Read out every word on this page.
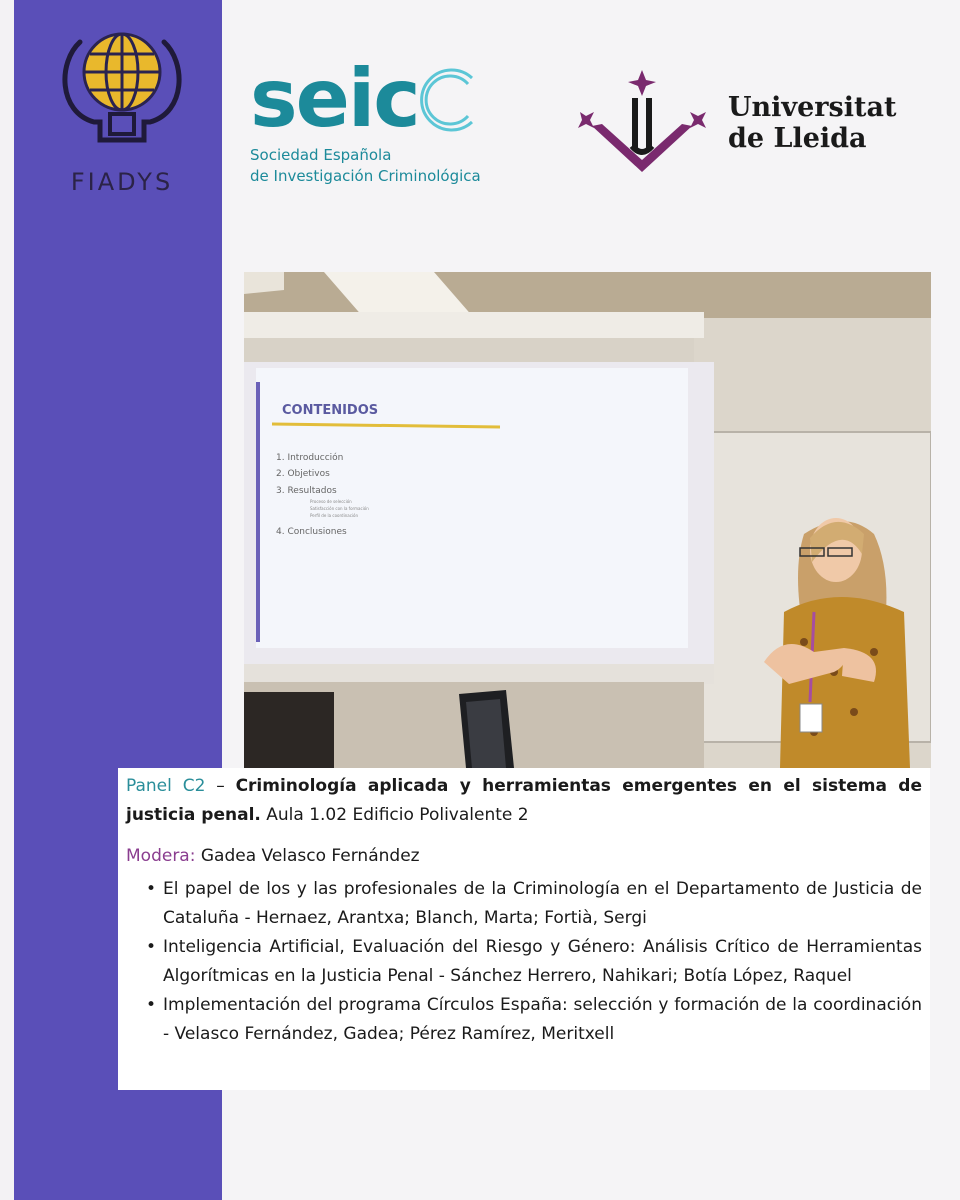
FIADYS
seic
Sociedad Española
de Investigación Criminológica
Universitat
de Lleida
CONTENIDOS
1. Introducción
2. Objetivos
3. Resultados
Proceso de selección
Satisfacción con la formación
Perfil de la coordinación
4. Conclusiones

Panel C2 – Criminología aplicada y herramientas emergentes en el sistema de justicia penal. Aula 1.02 Edificio Polivalente 2

Modera: Gadea Velasco Fernández

• El papel de los y las profesionales de la Criminología en el Departamento de Justicia de Cataluña - Hernaez, Arantxa; Blanch, Marta; Fortià, Sergi
• Inteligencia Artificial, Evaluación del Riesgo y Género: Análisis Crítico de Herramientas Algorítmicas en la Justicia Penal - Sánchez Herrero, Nahikari; Botía López, Raquel
• Implementación del programa Círculos España: selección y formación de la coordinación - Velasco Fernández, Gadea; Pérez Ramírez, Meritxell
